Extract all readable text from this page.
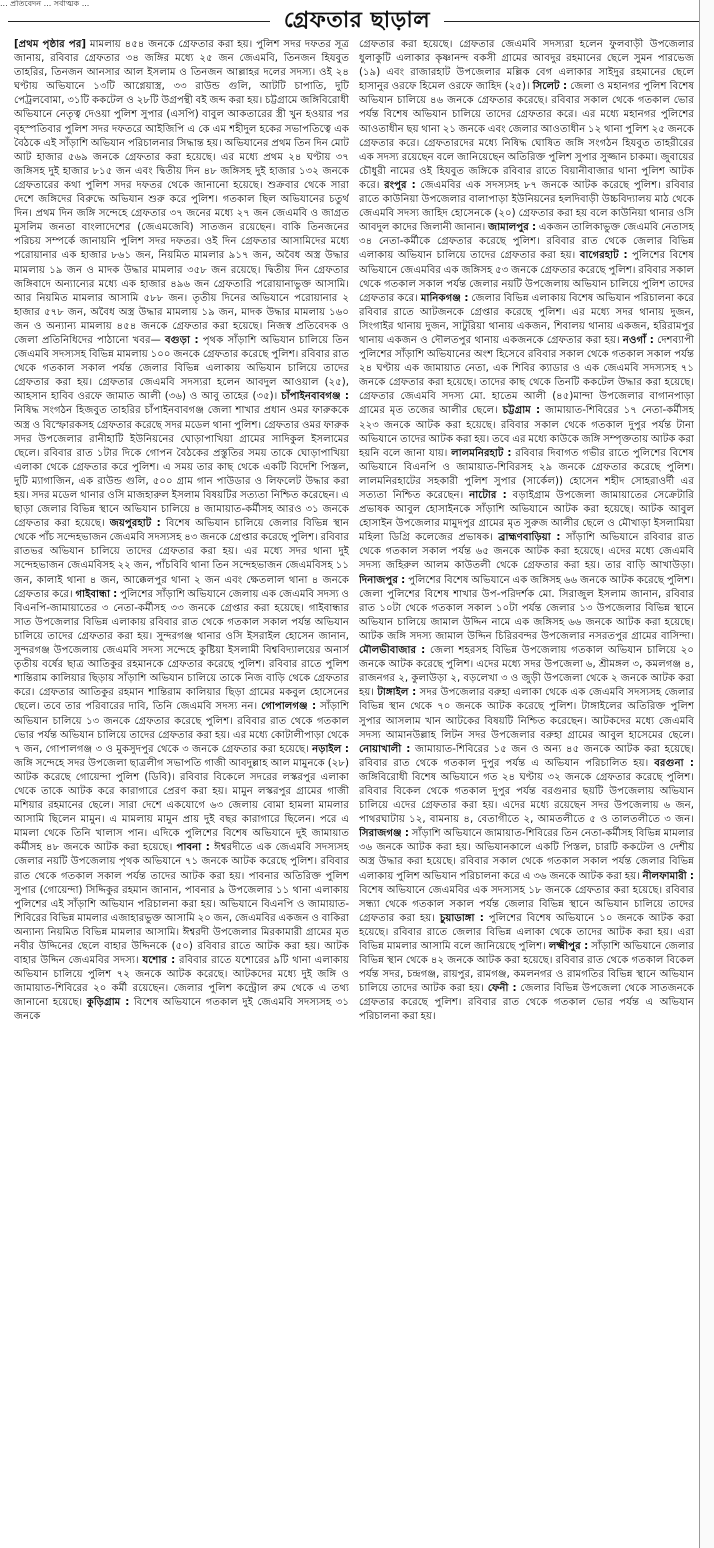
... প্রতিবেদন ... সর্বাত্মক ...
গ্রেফতার ছাড়াল

[প্রথম পৃষ্ঠার পর] মামলায় ৪৫৪ জনকে গ্রেফতার করা হয়। পুলিশ সদর দফতর সূত্র জানায়, রবিবার গ্রেফতার ৩৪ জঙ্গির মধ্যে ২৫ জন জেএমবি, তিনজন হিযবুত তাহরির, তিনজন আনসার আল ইসলাম ও তিনজন আল্লাহর দলের সদস্য। ওই ২৪ ঘণ্টায় অভিযানে ১৩টি আগ্নেয়াস্ত্র, ৩৩ রাউন্ড গুলি, আটটি চাপাতি, দুটি পেট্রলবোমা, ৩১টি ককটেল ও ২৮টি উগ্রপন্থী বই জব্দ করা হয়। চট্টগ্রামে জঙ্গিবিরোধী অভিযানে নেতৃত্ব দেওয়া পুলিশ সুপার (এসপি) বাবুল আকতারের স্ত্রী খুন হওয়ার পর বৃহস্পতিবার পুলিশ সদর দফতরে আইজিপি এ কে এম শহীদুল হকের সভাপতিত্বে এক বৈঠকে এই সাঁড়াশি অভিযান পরিচালনার সিদ্ধান্ত হয়। অভিযানের প্রথম তিন দিন মোট আট হাজার ৫৬৯ জনকে গ্রেফতার করা হয়েছে। এর মধ্যে প্রথম ২৪ ঘণ্টায় ৩৭ জঙ্গিসহ দুই হাজার ৮১৫ জন এবং দ্বিতীয় দিন ৪৮ জঙ্গিসহ দুই হাজার ১৩২ জনকে গ্রেফতারের কথা পুলিশ সদর দফতর থেকে জানানো হয়েছে। শুক্রবার থেকে সারা দেশে জঙ্গিদের বিরুদ্ধে অভিযান শুরু করে পুলিশ। গতকাল ছিল অভিযানের চতুর্থ দিন। প্রথম দিন জঙ্গি সন্দেহে গ্রেফতার ৩৭ জনের মধ্যে ২৭ জন জেএমবি ও জাগ্রত মুসলিম জনতা বাংলাদেশের (জেএমজেবি) সাতজন রয়েছেন। বাকি তিনজনের পরিচয় সম্পর্কে জানায়নি পুলিশ সদর দফতর। ওই দিন গ্রেফতার আসামিদের মধ্যে পরোয়ানার এক হাজার ৮৬১ জন, নিয়মিত মামলার ৯১৭ জন, অবৈধ অস্ত্র উদ্ধার মামলায় ১৯ জন ও মাদক উদ্ধার মামলার ৩৫৮ জন রয়েছে। দ্বিতীয় দিন গ্রেফতার জঙ্গিবাদে অন্যান্যের মধ্যে এক হাজার ৪৯৬ জন গ্রেফতারি পরোয়ানাভুক্ত আসামি। আর নিয়মিত মামলার আসামি ৫৮৮ জন। তৃতীয় দিনের অভিযানে পরোয়ানার ২ হাজার ৫৭৮ জন, অবৈধ অস্ত্র উদ্ধার মামলায় ১৯ জন, মাদক উদ্ধার মামলায় ১৬০ জন ও অন্যান্য মামলায় ৪৫৪ জনকে গ্রেফতার করা হয়েছে। নিজস্ব প্রতিবেদক ও জেলা প্রতিনিধিদের পাঠানো খবর— বগুড়া : পৃথক সাঁড়াশি অভিযান চালিয়ে তিন জেএমবি সদস্যসহ বিভিন্ন মামলায় ১০০ জনকে গ্রেফতার করেছে পুলিশ। রবিবার রাত থেকে গতকাল সকাল পর্যন্ত জেলার বিভিন্ন এলাকায় অভিযান চালিয়ে তাদের গ্রেফতার করা হয়। গ্রেফতার জেএমবি সদস্যরা হলেন আবদুল আওয়াল (২৫), আহসান হাবিব ওরফে জামাত আলী (৩৬) ও আবু তাহের (৩৫)। চাঁপাইনবাবগঞ্জ : নিষিদ্ধ সংগঠন হিজবুত তাহরির চাঁপাইনবাবগঞ্জ জেলা শাখার প্রধান ওমর ফারুককে অস্ত্র ও বিস্ফোরকসহ গ্রেফতার করেছে সদর মডেল থানা পুলিশ। গ্রেফতার ওমর ফারুক সদর উপজেলার রানীহাটি ইউনিয়নের ঘোড়াপাখিয়া গ্রামের সাদিকুল ইসলামের ছেলে। রবিবার রাত ১টার দিকে গোপন বৈঠকের প্রস্তুতির সময় তাকে ঘোড়াপাখিয়া এলাকা থেকে গ্রেফতার করে পুলিশ। এ সময় তার কাছ থেকে একটি বিদেশি পিস্তল, দুটি ম্যাগাজিন, এক রাউন্ড গুলি, ৫০০ গ্রাম গান পাউডার ও লিফলেট উদ্ধার করা হয়। সদর মডেল থানার ওসি মাজহারুল ইসলাম বিষয়টির সত্যতা নিশ্চিত করেছেন। এ ছাড়া জেলার বিভিন্ন স্থানে অভিযান চালিয়ে ৪ জামায়াত-কর্মীসহ আরও ৩১ জনকে গ্রেফতার করা হয়েছে। জয়পুরহাট : বিশেষ অভিযান চালিয়ে জেলার বিভিন্ন স্থান থেকে পাঁচ সন্দেহভাজন জেএমবি সদস্যসহ ৪৩ জনকে গ্রেপ্তার করেছে পুলিশ। রবিবার রাতভর অভিযান চালিয়ে তাদের গ্রেফতার করা হয়। এর মধ্যে সদর থানা দুই সন্দেহভাজন জেএমবিসহ ২২ জন, পাঁচবিবি থানা তিন সন্দেহভাজন জেএমবিসহ ১১ জন, কালাই থানা ৪ জন, আক্কেলপুর থানা ২ জন এবং ক্ষেতলাল থানা ৪ জনকে গ্রেফতার করে। গাইবান্ধা : পুলিশের সাঁড়াশি অভিযানে জেলায় এক জেএমবি সদস্য ও বিএনপি-জামায়াতের ৩ নেতা-কর্মীসহ ৩৩ জনকে গ্রেপ্তার করা হয়েছে। গাইবান্ধার সাত উপজেলার বিভিন্ন এলাকায় রবিবার রাত থেকে গতকাল সকাল পর্যন্ত অভিযান চালিয়ে তাদের গ্রেফতার করা হয়। সুন্দরগঞ্জ থানার ওসি ইসরাইল হোসেন জানান, সুন্দরগঞ্জ উপজেলায় জেএমবি সদস্য সন্দেহে কুষ্টিয়া ইসলামী বিশ্ববিদ্যালয়ের অনার্স তৃতীয় বর্ষের ছাত্র আতিকুর রহমানকে গ্রেফতার করেছে পুলিশ। রবিবার রাতে পুলিশ শান্তিরাম কালিয়ার ছিড়ায় সাঁড়াশি অভিযান চালিয়ে তাকে নিজ বাড়ি থেকে গ্রেফতার করে। গ্রেফতার আতিকুর রহমান শান্তিরাম কালিয়ার ছিড়া গ্রামের মকবুল হোসেনের ছেলে। তবে তার পরিবারের দাবি, তিনি জেএমবি সদস্য নন। গোপালগঞ্জ : সাঁড়াশি অভিযান চালিয়ে ১৩ জনকে গ্রেফতার করেছে পুলিশ। রবিবার রাত থেকে গতকাল ভোর পর্যন্ত অভিযান চালিয়ে তাদের গ্রেফতার করা হয়। এর মধ্যে কোটালীপাড়া থেকে ৭ জন, গোপালগঞ্জ ৩ ও মুকসুদপুর থেকে ৩ জনকে গ্রেফতার করা হয়েছে। নড়াইল : জঙ্গি সন্দেহে সদর উপজেলা ছাত্রলীগ সভাপতি গাজী আবদুল্লাহ আল মামুনকে (২৮) আটক করেছে গোয়েন্দা পুলিশ (ডিবি)। রবিবার বিকেলে সদরের লস্করপুর এলাকা থেকে তাকে আটক করে কারাগারে প্রেরণ করা হয়। মামুন লস্করপুর গ্রামের গাজী মশিয়ার রহমানের ছেলে। সারা দেশে একযোগে ৬৩ জেলায় বোমা হামলা মামলার আসামি ছিলেন মামুন। এ মামলায় মামুন প্রায় দুই বছর কারাগারে ছিলেন। পরে এ মামলা থেকে তিনি খালাস পান। এদিকে পুলিশের বিশেষ অভিযানে দুই জামায়াত কর্মীসহ ৪৮ জনকে আটক করা হয়েছে। পাবনা : ঈশ্বরদীতে এক জেএমবি সদস্যসহ জেলার নয়টি উপজেলায় পৃথক অভিযানে ৭১ জনকে আটক করেছে পুলিশ। রবিবার রাত থেকে গতকাল সকাল পর্যন্ত তাদের আটক করা হয়। পাবনার অতিরিক্ত পুলিশ সুপার (গোয়েন্দা) সিদ্দিকুর রহমান জানান, পাবনার ৯ উপজেলার ১১ থানা এলাকায় পুলিশের এই সাঁড়াশি অভিযান পরিচালনা করা হয়। অভিযানে বিএনপি ও জামায়াত-শিবিরের বিভিন্ন মামলার এজাহারভুক্ত আসামি ২০ জন, জেএমবির একজন ও বাকিরা অন্যান্য নিয়মিত বিভিন্ন মামলার আসামি। ঈশ্বরদী উপজেলার মিরকামারী গ্রামের মৃত নবীর উদ্দিনের ছেলে বাহার উদ্দিনকে (৫০) রবিবার রাতে আটক করা হয়। আটক বাহার উদ্দিন জেএমবির সদস্য। যশোর : রবিবার রাতে যশোরের ৯টি থানা এলাকায় অভিযান চালিয়ে পুলিশ ৭২ জনকে আটক করেছে। আটকদের মধ্যে দুই জঙ্গি ও জামায়াত-শিবিরের ২০ কর্মী রয়েছেন। জেলার পুলিশ কন্ট্রোল রুম থেকে এ তথ্য জানানো হয়েছে। কুড়িগ্রাম : বিশেষ অভিযানে গতকাল দুই জেএমবি সদস্যসহ ৩১ জনকে

গ্রেফতার করা হয়েছে। গ্রেফতার জেএমবি সদস্যরা হলেন ফুলবাড়ী উপজেলার ধুলাকুটি এলাকার কৃষ্ণানন্দ বকসী গ্রামের আবদুর রহমানের ছেলে সুমন পারভেজ (১৯) এবং রাজারহাট উপজেলার মল্লিক বেগ এলাকার সাইদুর রহমানের ছেলে হাসানুর ওরফে হিমেল ওরফে জাহিদ (২৫)। সিলেট : জেলা ও মহানগর পুলিশ বিশেষ অভিযান চালিয়ে ৪৬ জনকে গ্রেফতার করেছে। রবিবার সকাল থেকে গতকাল ভোর পর্যন্ত বিশেষ অভিযান চালিয়ে তাদের গ্রেফতার করে। এর মধ্যে মহানগর পুলিশের আওতাধীন ছয় থানা ২১ জনকে এবং জেলার আওতাধীন ১২ থানা পুলিশ ২৫ জনকে গ্রেফতার করে। গ্রেফতারদের মধ্যে নিষিদ্ধ ঘোষিত জঙ্গি সংগঠন হিযবুত তাহরীরের এক সদস্য রয়েছেন বলে জানিয়েছেন অতিরিক্ত পুলিশ সুপার সুজ্জান চাকমা। জুবায়ের চৌধুরী নামের ওই হিযবুত জঙ্গিকে রবিবার রাতে বিয়ানীবাজার থানা পুলিশ আটক করে। রংপুর : জেএমবির এক সদস্যসহ ৮৭ জনকে আটক করেছে পুলিশ। রবিবার রাতে কাউনিয়া উপজেলার বালাপাড়া ইউনিয়নের হলদিবাড়ী উচ্চবিদ্যালয় মাঠ থেকে জেএমবি সদস্য জাহিদ হোসেনকে (২০) গ্রেফতার করা হয় বলে কাউনিয়া থানার ওসি আবদুল কাদের জিলানী জানান। জামালপুর : একজন তালিকাভুক্ত জেএমবি নেতাসহ ৩৪ নেতা-কর্মীকে গ্রেফতার করেছে পুলিশ। রবিবার রাত থেকে জেলার বিভিন্ন এলাকায় অভিযান চালিয়ে তাদের গ্রেফতার করা হয়। বাগেরহাট : পুলিশের বিশেষ অভিযানে জেএমবির এক জঙ্গিসহ ৫৩ জনকে গ্রেফতার করেছে পুলিশ। রবিবার সকাল থেকে গতকাল সকাল পর্যন্ত জেলার নয়টি উপজেলায় অভিযান চালিয়ে পুলিশ তাদের গ্রেফতার করে। মানিকগঞ্জ : জেলার বিভিন্ন এলাকায় বিশেষ অভিযান পরিচালনা করে রবিবার রাতে আটজনকে গ্রেপ্তার করেছে পুলিশ। এর মধ্যে সদর থানায় দুজন, সিংগাইর থানায় দুজন, সাটুরিয়া থানায় একজন, শিবালয় থানায় একজন, হরিরামপুর থানায় একজন ও দৌলতপুর থানায় একজনকে গ্রেফতার করা হয়। নওগাঁ : দেশব্যাপী পুলিশের সাঁড়াশি অভিযানের অংশ হিসেবে রবিবার সকাল থেকে গতকাল সকাল পর্যন্ত ২৪ ঘণ্টায় এক জামায়াত নেতা, এক শিবির ক্যাডার ও এক জেএমবি সদস্যসহ ৭১ জনকে গ্রেফতার করা হয়েছে। তাদের কাছ থেকে তিনটি ককটেল উদ্ধার করা হয়েছে। গ্রেফতার জেএমবি সদস্য মো. হাতেম আলী (৪৫)মান্দা উপজেলার বাগানপাড়া গ্রামের মৃত তজের আলীর ছেলে। চট্টগ্রাম : জামায়াত-শিবিরের ১৭ নেতা-কর্মীসহ ২২৩ জনকে আটক করা হয়েছে। রবিবার সকাল থেকে গতকাল দুপুর পর্যন্ত টানা অভিযানে তাদের আটক করা হয়। তবে এর মধ্যে কাউকে জঙ্গি সম্পৃক্ততায় আটক করা হয়নি বলে জানা যায়। লালমনিরহাট : রবিবার দিবাগত গভীর রাতে পুলিশের বিশেষ অভিযানে বিএনপি ও জামায়াত-শিবিরসহ ২৯ জনকে গ্রেফতার করেছে পুলিশ। লালমনিরহাটের সহকারী পুলিশ সুপার (সার্কেল)) হোসেন শহীদ সোহরাওর্দী এর সত্যতা নিশ্চিত করেছেন। নাটোর : বড়াইগ্রাম উপজেলা জামায়াতের সেক্রেটারি প্রভাষক আবুল হোসাইনকে সাঁড়াশি অভিযানে আটক করা হয়েছে। আটক আবুল হোসাইন উপজেলার মামুদপুর গ্রামের মৃত সুরুজ আলীর ছেলে ও মৌখাড়া ইসলামিয়া মহিলা ডিগ্রি কলেজের প্রভাষক। ব্রাহ্মণবাড়িয়া : সাঁড়াশি অভিযানে রবিবার রাত থেকে গতকাল সকাল পর্যন্ত ৬৫ জনকে আটক করা হয়েছে। এদের মধ্যে জেএমবি সদস্য জহিরুল আলম কাউতলী থেকে গ্রেফতার করা হয়। তার বাড়ি আখাউড়া। দিনাজপুর : পুলিশের বিশেষ অভিযানে এক জঙ্গিসহ ৬৬ জনকে আটক করেছে পুলিশ। জেলা পুলিশের বিশেষ শাখার উপ-পরিদর্শক মো. সিরাজুল ইসলাম জানান, রবিবার রাত ১০টা থেকে গতকাল সকাল ১০টা পর্যন্ত জেলার ১৩ উপজেলার বিভিন্ন স্থানে অভিযান চালিয়ে জামাল উদ্দিন নামে এক জঙ্গিসহ ৬৬ জনকে আটক করা হয়েছে। আটক জঙ্গি সদস্য জামাল উদ্দিন চিরিরবন্দর উপজেলার নসরতপুর গ্রামের বাসিন্দা। মৌলভীবাজার : জেলা শহরসহ বিভিন্ন উপজেলায় গতকাল অভিযান চালিয়ে ২০ জনকে আটক করেছে পুলিশ। এদের মধ্যে সদর উপজেলা ৬, শ্রীমঙ্গল ৩, কমলগঞ্জ ৪, রাজনগর ২, কুলাউড়া ২, বড়লেখা ৩ ও জুড়ী উপজেলা থেকে ২ জনকে আটক করা হয়। টাঙ্গাইল : সদর উপজেলার বরুহা এলাকা থেকে এক জেএমবি সদস্যসহ জেলার বিভিন্ন স্থান থেকে ৭০ জনকে আটক করেছে পুলিশ। টাঙ্গাইলের অতিরিক্ত পুলিশ সুপার আসলাম খান আটকের বিষয়টি নিশ্চিত করেছেন। আটকদের মধ্যে জেএমবি সদস্য আমানউল্লাহ লিটন সদর উপজেলার বরুহা গ্রামের আবুল হাসেমের ছেলে। নোয়াখালী : জামায়াত-শিবিরের ১৫ জন ও অন্য ৪৫ জনকে আটক করা হয়েছে। রবিবার রাত থেকে গতকাল দুপুর পর্যন্ত এ অভিযান পরিচালিত হয়। বরগুনা : জঙ্গিবিরোধী বিশেষ অভিযানে গত ২৪ ঘণ্টায় ৩২ জনকে গ্রেফতার করেছে পুলিশ। রবিবার বিকেল থেকে গতকাল দুপুর পর্যন্ত বরগুনার ছয়টি উপজেলায় অভিযান চালিয়ে এদের গ্রেফতার করা হয়। এদের মধ্যে রয়েছেন সদর উপজেলায় ৬ জন, পাথরঘাটায় ১২, বামনায় ৪, বেতাগীতে ২, আমতলীতে ৫ ও তালতলীতে ৩ জন। সিরাজগঞ্জ : সাঁড়াশি অভিযানে জামায়াত-শিবিরের তিন নেতা-কর্মীসহ বিভিন্ন মামলার ৩৬ জনকে আটক করা হয়। অভিযানকালে একটি পিস্তল, চারটি ককটেল ও দেশীয় অস্ত্র উদ্ধার করা হয়েছে। রবিবার সকাল থেকে গতকাল সকাল পর্যন্ত জেলার বিভিন্ন এলাকায় পুলিশ অভিযান পরিচালনা করে এ ৩৬ জনকে আটক করা হয়। নীলফামারী : বিশেষ অভিযানে জেএমবির এক সদস্যসহ ১৮ জনকে গ্রেফতার করা হয়েছে। রবিবার সন্ধ্যা থেকে গতকাল সকাল পর্যন্ত জেলার বিভিন্ন স্থানে অভিযান চালিয়ে তাদের গ্রেফতার করা হয়। চুয়াডাঙ্গা : পুলিশের বিশেষ অভিযানে ১০ জনকে আটক করা হয়েছে। রবিবার রাতে জেলার বিভিন্ন এলাকা থেকে তাদের আটক করা হয়। এরা বিভিন্ন মামলার আসামি বলে জানিয়েছে পুলিশ। লক্ষ্মীপুর : সাঁড়াশি অভিযানে জেলার বিভিন্ন স্থান থেকে ৪২ জনকে আটক করা হয়েছে। রবিবার রাত থেকে গতকাল বিকেল পর্যন্ত সদর, চন্দ্রগঞ্জ, রায়পুর, রামগঞ্জ, কমলনগর ও রামগতির বিভিন্ন স্থানে অভিযান চালিয়ে তাদের আটক করা হয়। ফেনী : জেলার বিভিন্ন উপজেলা থেকে সাতজনকে গ্রেফতার করেছে পুলিশ। রবিবার রাত থেকে গতকাল ভোর পর্যন্ত এ অভিযান পরিচালনা করা হয়।
